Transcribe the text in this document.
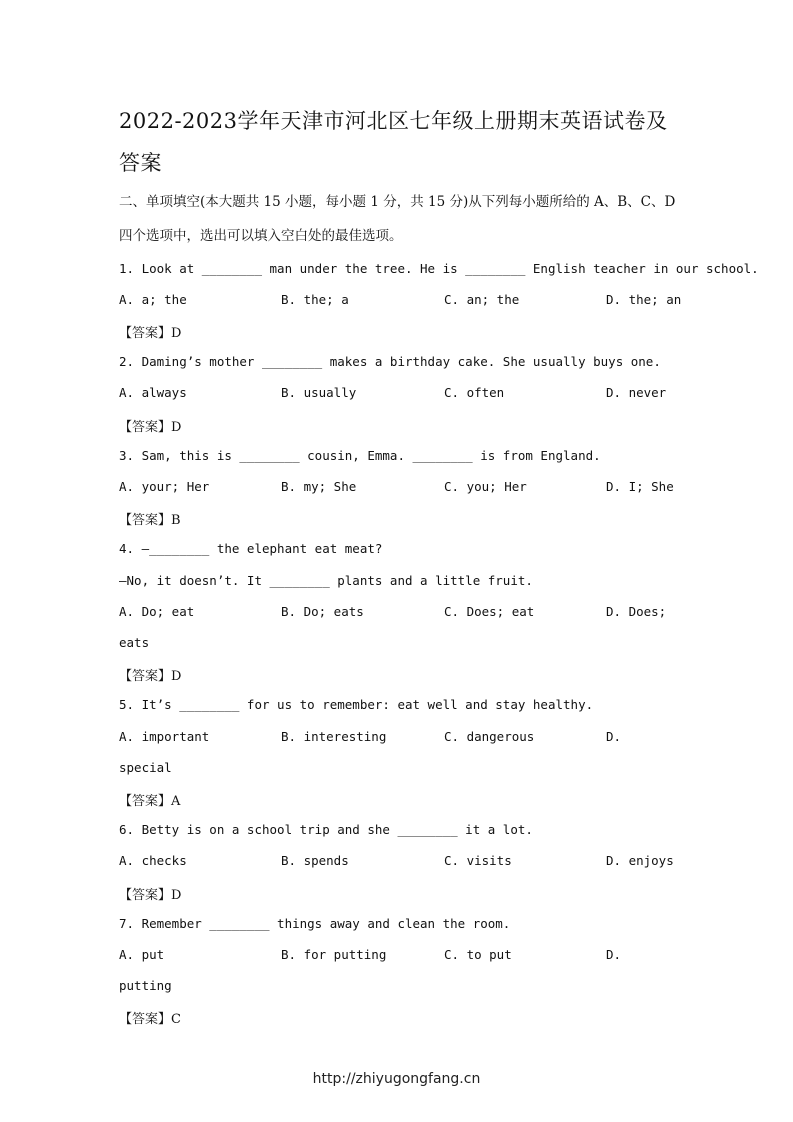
2022-2023学年天津市河北区七年级上册期末英语试卷及答案
二、单项填空(本大题共 15 小题，每小题 1 分，共 15 分)从下列每小题所给的 A、B、C、D 四个选项中，选出可以填入空白处的最佳选项。
1. Look at ________ man under the tree. He is ________ English teacher in our school.
A. a; the	B. the; a	C. an; the	D. the; an
【答案】D
2. Daming’s mother ________ makes a birthday cake. She usually buys one.
A. always	B. usually	C. often	D. never
【答案】D
3. Sam, this is ________ cousin, Emma. ________ is from England.
A. your; Her	B. my; She	C. you; Her	D. I; She
【答案】B
4. —________ the elephant eat meat?
—No, it doesn’t. It ________ plants and a little fruit.
A. Do; eat	B. Do; eats	C. Does; eat	D. Does;
eats
【答案】D
5. It’s ________ for us to remember: eat well and stay healthy.
A. important	B. interesting	C. dangerous	D.
special
【答案】A
6. Betty is on a school trip and she ________ it a lot.
A. checks	B. spends	C. visits	D. enjoys
【答案】D
7. Remember ________ things away and clean the room.
A. put	B. for putting	C. to put	D.
putting
【答案】C
http://zhiyugongfang.cn
